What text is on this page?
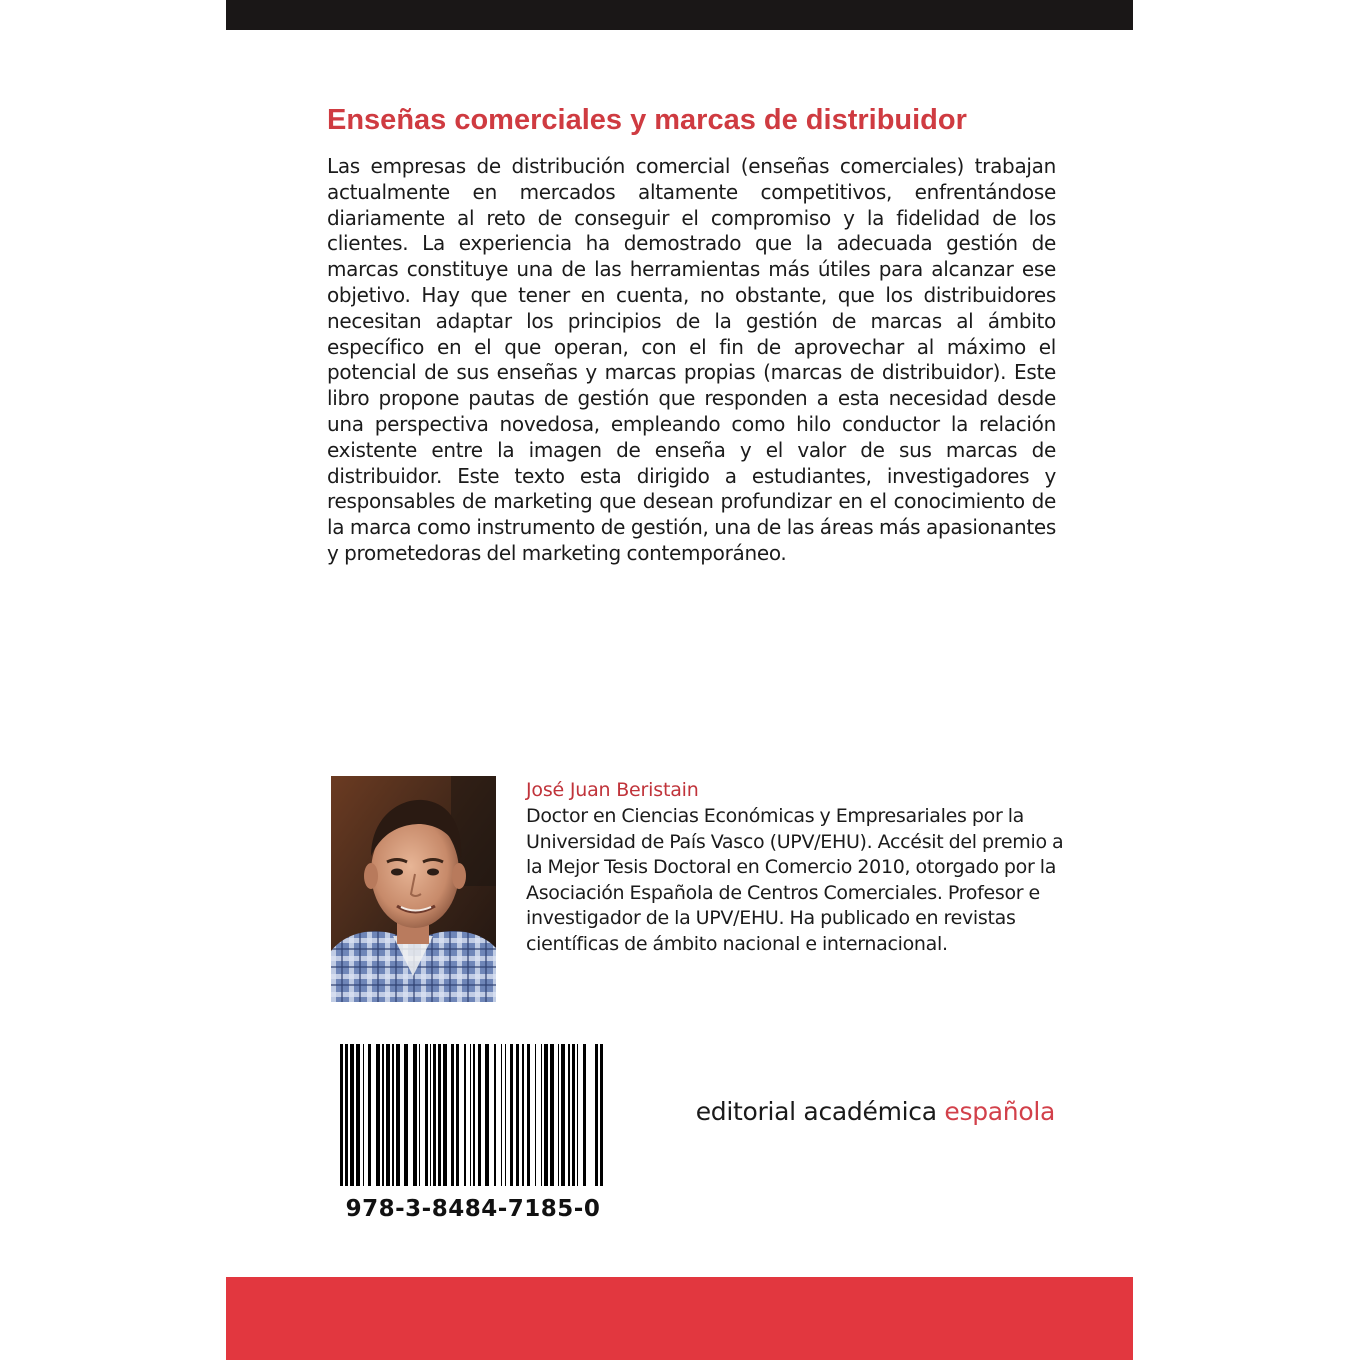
Enseñas comerciales y marcas de distribuidor

Las empresas de distribución comercial (enseñas comerciales) trabajan actualmente en mercados altamente competitivos, enfrentándose diariamente al reto de conseguir el compromiso y la fidelidad de los clientes. La experiencia ha demostrado que la adecuada gestión de marcas constituye una de las herramientas más útiles para alcanzar ese objetivo. Hay que tener en cuenta, no obstante, que los distribuidores necesitan adaptar los principios de la gestión de marcas al ámbito específico en el que operan, con el fin de aprovechar al máximo el potencial de sus enseñas y marcas propias (marcas de distribuidor). Este libro propone pautas de gestión que responden a esta necesidad desde una perspectiva novedosa, empleando como hilo conductor la relación existente entre la imagen de enseña y el valor de sus marcas de distribuidor. Este texto esta dirigido a estudiantes, investigadores y responsables de marketing que desean profundizar en el conocimiento de la marca como instrumento de gestión, una de las áreas más apasionantes y prometedoras del marketing contemporáneo.

José Juan Beristain

Doctor en Ciencias Económicas y Empresariales por la Universidad de País Vasco (UPV/EHU). Accésit del premio a la Mejor Tesis Doctoral en Comercio 2010, otorgado por la Asociación Española de Centros Comerciales. Profesor e investigador de la UPV/EHU. Ha publicado en revistas científicas de ámbito nacional e internacional.

978-3-8484-7185-0

editorial académica española
